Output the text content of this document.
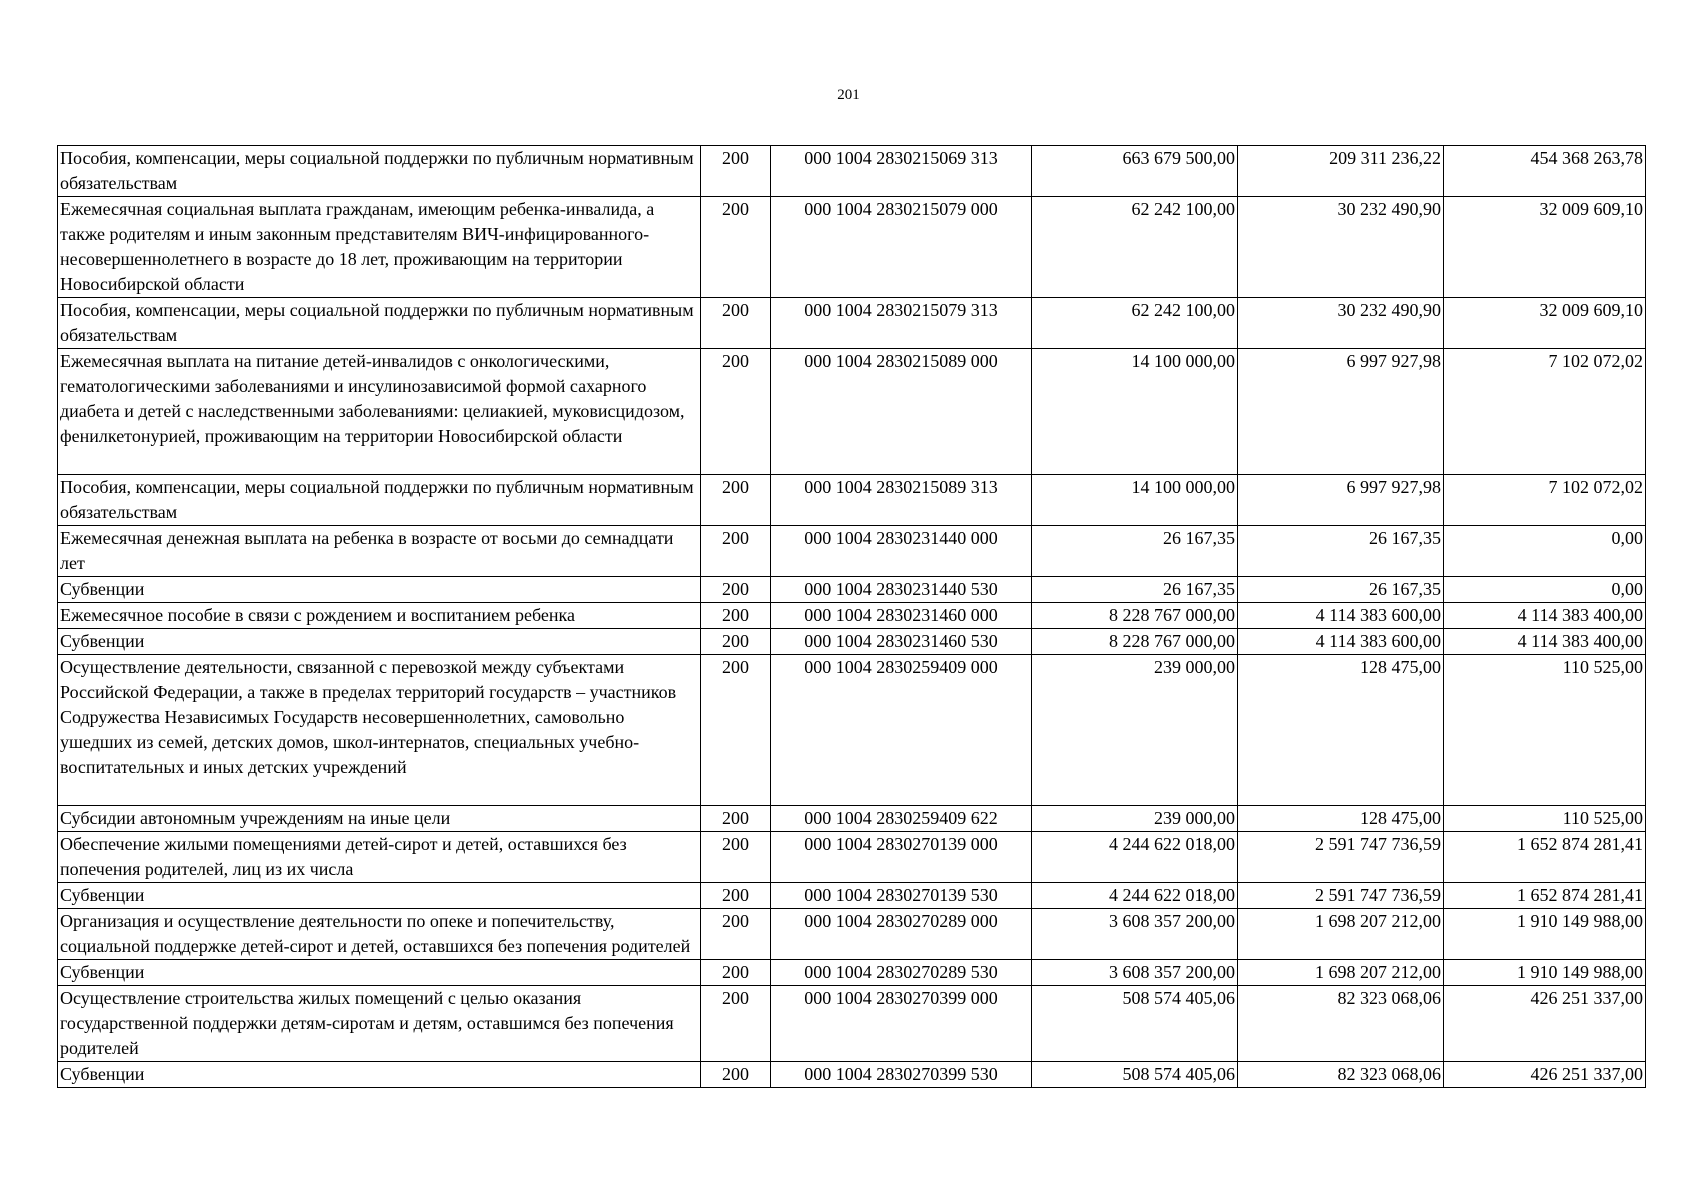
201
Пособия, компенсации, меры социальной поддержки по публичным нормативным обязательствам	200	000 1004 2830215069 313	663 679 500,00	209 311 236,22	454 368 263,78
Ежемесячная социальная выплата гражданам, имеющим ребенка-инвалида, а также родителям и иным законным представителям ВИЧ-инфицированного-несовершеннолетнего в возрасте до 18 лет, проживающим на территории Новосибирской области	200	000 1004 2830215079 000	62 242 100,00	30 232 490,90	32 009 609,10
Пособия, компенсации, меры социальной поддержки по публичным нормативным обязательствам	200	000 1004 2830215079 313	62 242 100,00	30 232 490,90	32 009 609,10
Ежемесячная выплата на питание детей-инвалидов с онкологическими, гематологическими заболеваниями и инсулинозависимой формой сахарного диабета и детей с наследственными заболеваниями: целиакией, муковисцидозом, фенилкетонурией, проживающим на территории Новосибирской области	200	000 1004 2830215089 000	14 100 000,00	6 997 927,98	7 102 072,02
Пособия, компенсации, меры социальной поддержки по публичным нормативным обязательствам	200	000 1004 2830215089 313	14 100 000,00	6 997 927,98	7 102 072,02
Ежемесячная денежная выплата на ребенка в возрасте от восьми до семнадцати лет	200	000 1004 2830231440 000	26 167,35	26 167,35	0,00
Субвенции	200	000 1004 2830231440 530	26 167,35	26 167,35	0,00
Ежемесячное пособие в связи с рождением и воспитанием ребенка	200	000 1004 2830231460 000	8 228 767 000,00	4 114 383 600,00	4 114 383 400,00
Субвенции	200	000 1004 2830231460 530	8 228 767 000,00	4 114 383 600,00	4 114 383 400,00
Осуществление деятельности, связанной с перевозкой между субъектами Российской Федерации, а также в пределах территорий государств – участников Содружества Независимых Государств несовершеннолетних, самовольно ушедших из семей, детских домов, школ-интернатов, специальных учебно-воспитательных и иных детских учреждений	200	000 1004 2830259409 000	239 000,00	128 475,00	110 525,00
Субсидии автономным учреждениям на иные цели	200	000 1004 2830259409 622	239 000,00	128 475,00	110 525,00
Обеспечение жилыми помещениями детей-сирот и детей, оставшихся без попечения родителей, лиц из их числа	200	000 1004 2830270139 000	4 244 622 018,00	2 591 747 736,59	1 652 874 281,41
Субвенции	200	000 1004 2830270139 530	4 244 622 018,00	2 591 747 736,59	1 652 874 281,41
Организация и осуществление деятельности по опеке и попечительству, социальной поддержке детей-сирот и детей, оставшихся без попечения родителей	200	000 1004 2830270289 000	3 608 357 200,00	1 698 207 212,00	1 910 149 988,00
Субвенции	200	000 1004 2830270289 530	3 608 357 200,00	1 698 207 212,00	1 910 149 988,00
Осуществление строительства жилых помещений с целью оказания государственной поддержки детям-сиротам и детям, оставшимся без попечения родителей	200	000 1004 2830270399 000	508 574 405,06	82 323 068,06	426 251 337,00
Субвенции	200	000 1004 2830270399 530	508 574 405,06	82 323 068,06	426 251 337,00
